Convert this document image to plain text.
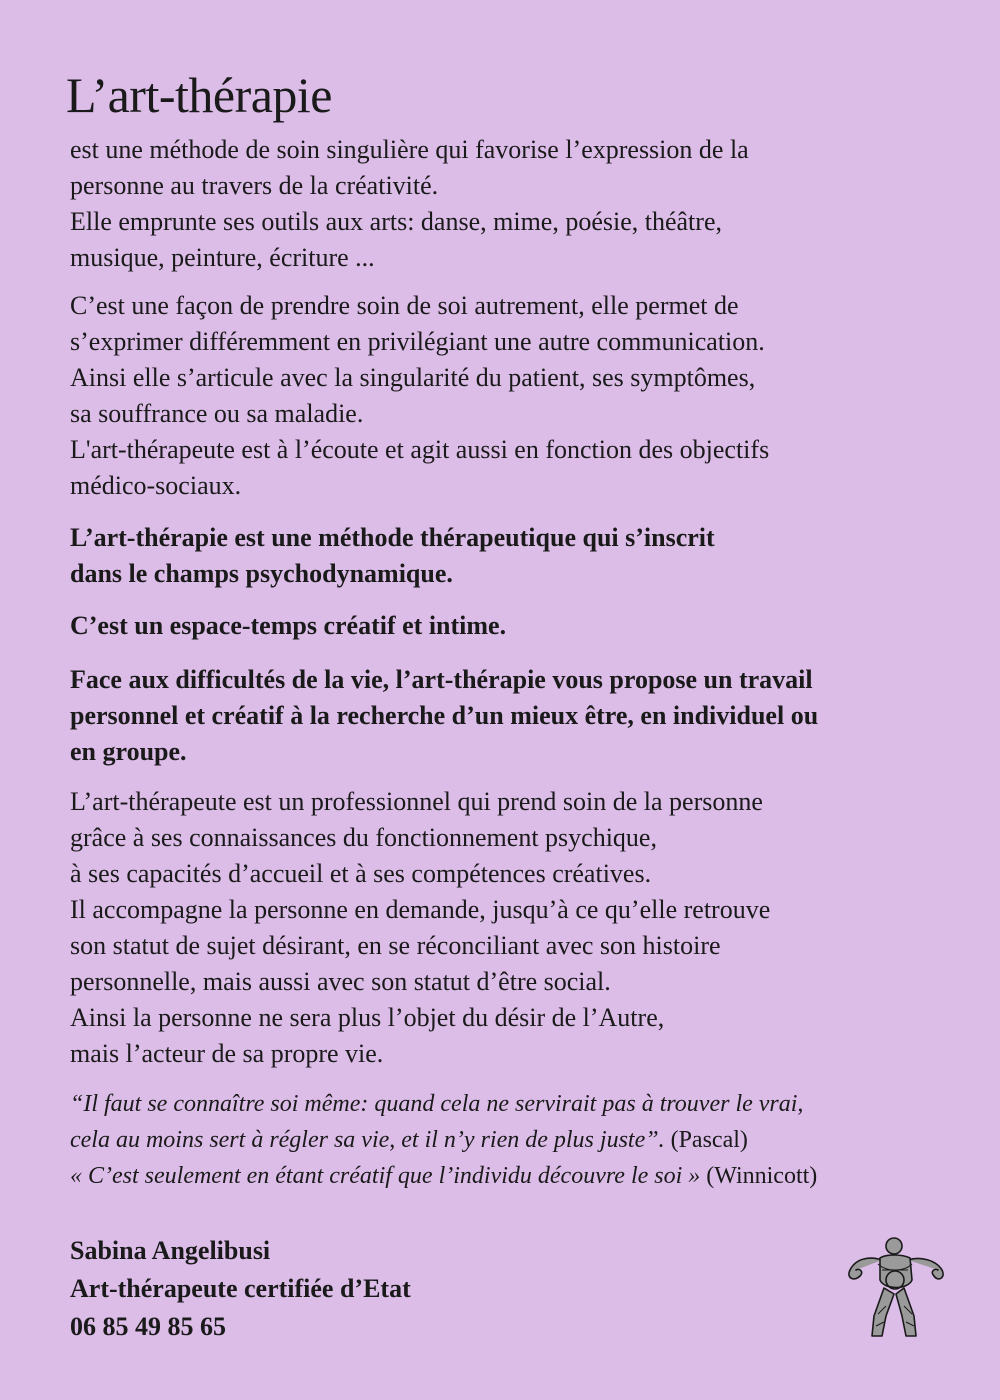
L’art-thérapie

est une méthode de soin singulière qui favorise l’expression de la
personne au travers de la créativité.
Elle emprunte ses outils aux arts: danse, mime, poésie, théâtre,
musique, peinture, écriture ...

C’est une façon de prendre soin de soi autrement, elle permet de
s’exprimer différemment en privilégiant une autre communication.
Ainsi elle s’articule avec la singularité du patient, ses symptômes,
sa souffrance ou sa maladie.
L'art-thérapeute est à l’écoute et agit aussi en fonction des objectifs
médico-sociaux.

L’art-thérapie est une méthode thérapeutique qui s’inscrit
dans le champs psychodynamique.

C’est un espace-temps créatif et intime.

Face aux difficultés de la vie, l’art-thérapie vous propose un travail
personnel et créatif à la recherche d’un mieux être, en individuel ou
en groupe.

L’art-thérapeute est un professionnel qui prend soin de la personne
grâce à ses connaissances du fonctionnement psychique,
à ses capacités d’accueil et à ses compétences créatives.
Il accompagne la personne en demande, jusqu’à ce qu’elle retrouve
son statut de sujet désirant, en se réconciliant avec son histoire
personnelle, mais aussi avec son statut d’être social.
Ainsi la personne ne sera plus l’objet du désir de l’Autre,
mais l’acteur de sa propre vie.

“Il faut se connaître soi même: quand cela ne servirait pas à trouver le vrai,
cela au moins sert à régler sa vie, et il n’y rien de plus juste”. (Pascal)
« C’est seulement en étant créatif que l’individu découvre le soi » (Winnicott)
Sabina Angelibusi
Art-thérapeute certifiée d’Etat
06 85 49 85 65
